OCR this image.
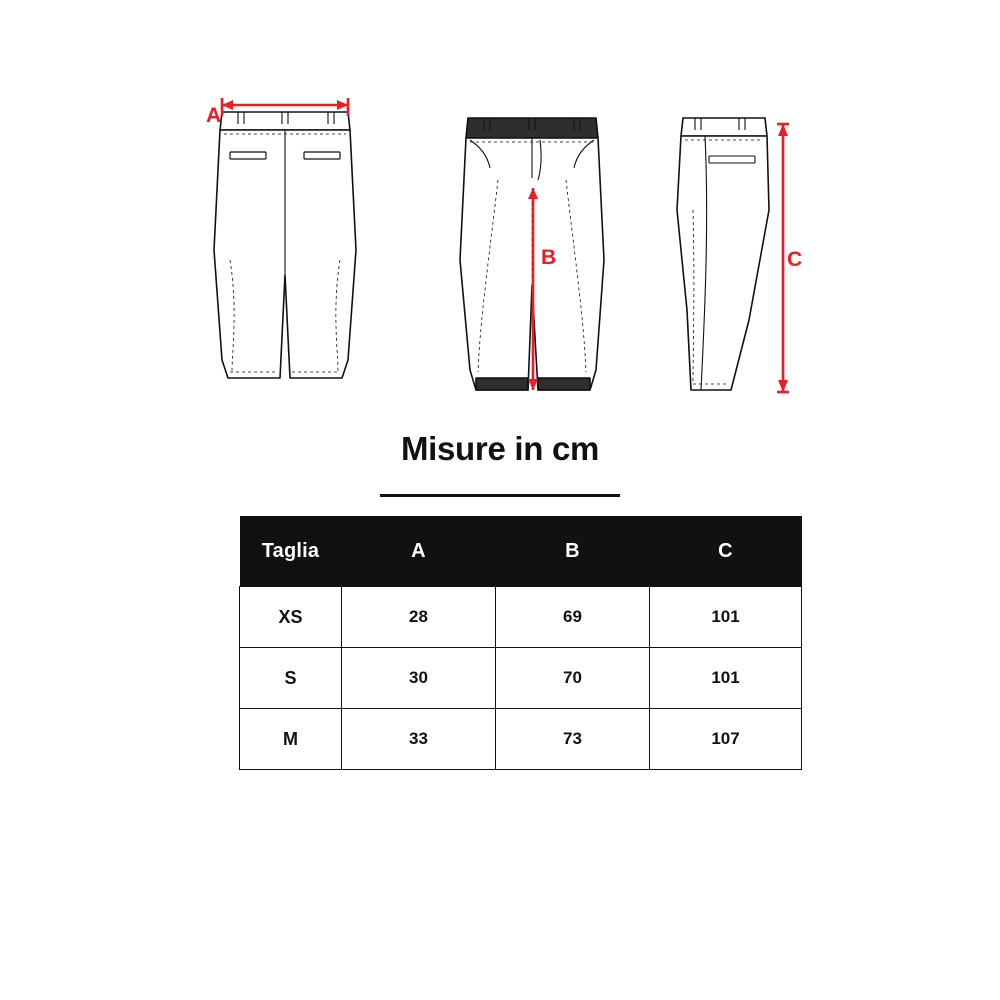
A
B	C
Misure in cm
Taglia	A	B	C
XS	28	69	101
S	30	70	101
M	33	73	107
